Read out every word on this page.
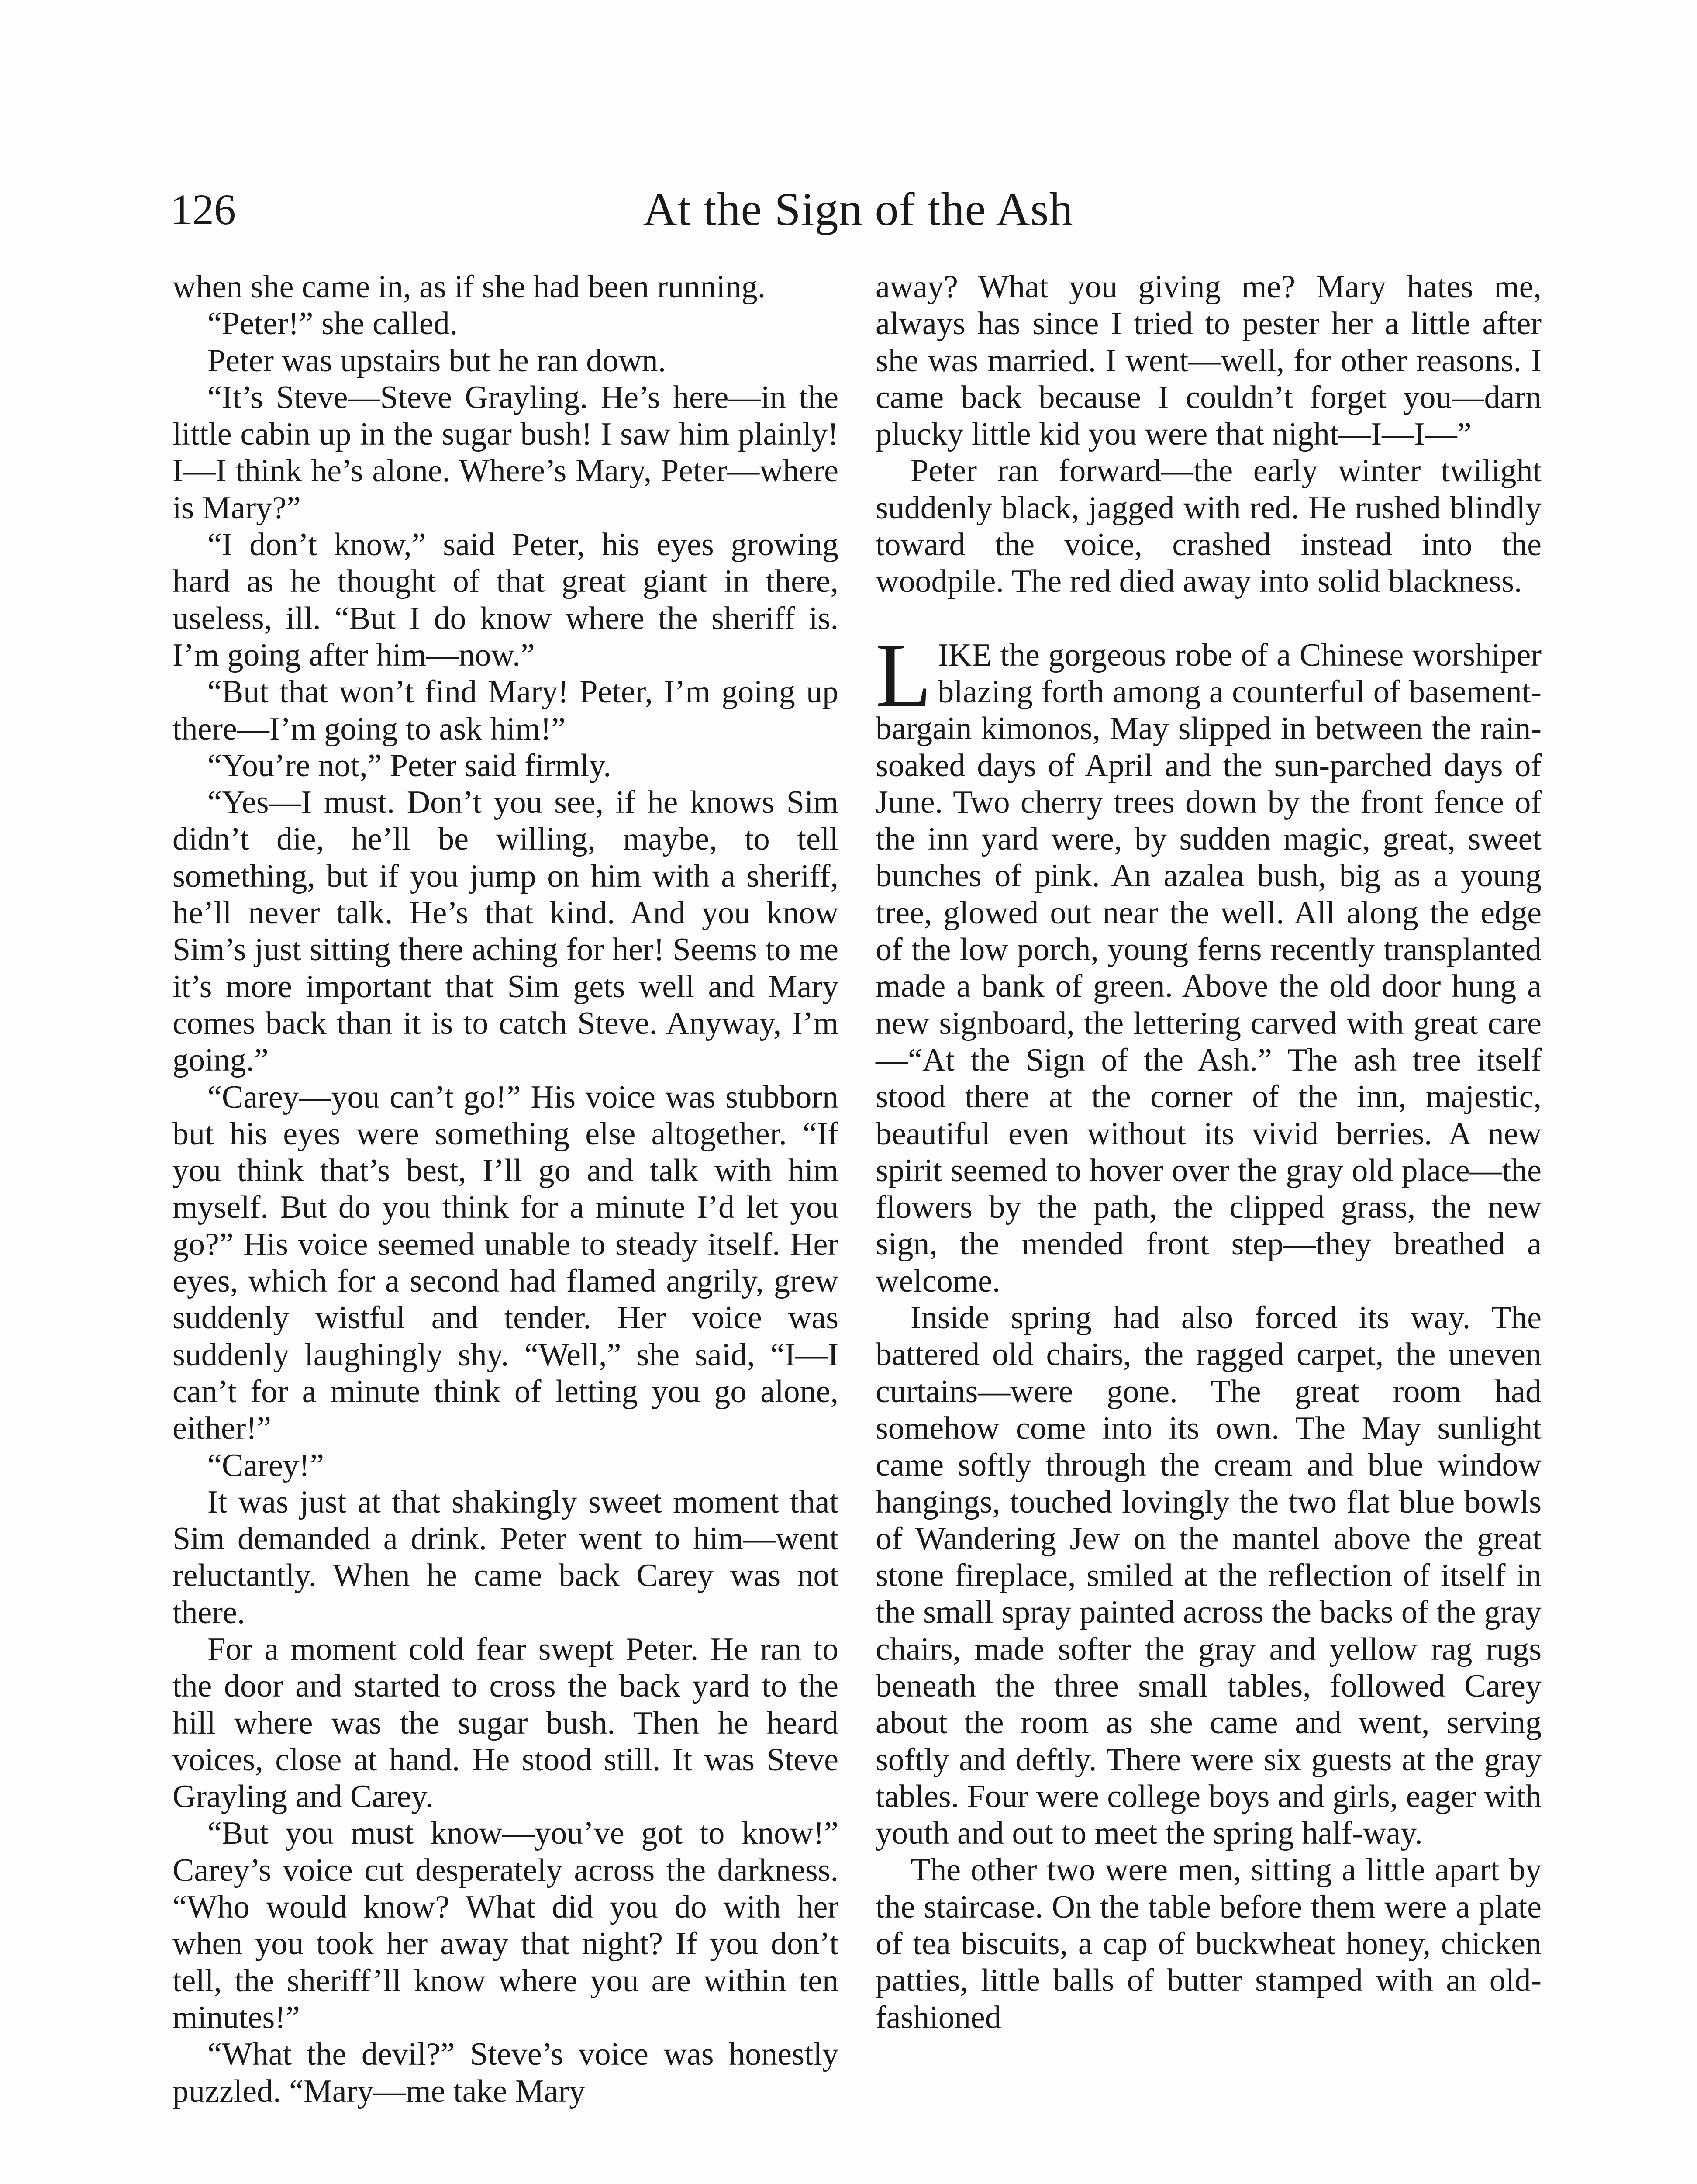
126	At the Sign of the Ash

when she came in, as if she had been running.

“Peter!” she called.

Peter was upstairs but he ran down.

“It’s Steve—Steve Grayling. He’s here—in the little cabin up in the sugar bush! I saw him plainly! I—I think he’s alone. Where’s Mary, Peter—where is Mary?”

“I don’t know,” said Peter, his eyes growing hard as he thought of that great giant in there, useless, ill. “But I do know where the sheriff is. I’m going after him—now.”

“But that won’t find Mary! Peter, I’m going up there—I’m going to ask him!”

“You’re not,” Peter said firmly.

“Yes—I must. Don’t you see, if he knows Sim didn’t die, he’ll be willing, maybe, to tell something, but if you jump on him with a sheriff, he’ll never talk. He’s that kind. And you know Sim’s just sitting there aching for her! Seems to me it’s more important that Sim gets well and Mary comes back than it is to catch Steve. Anyway, I’m going.”

“Carey—you can’t go!” His voice was stubborn but his eyes were something else altogether. “If you think that’s best, I’ll go and talk with him myself. But do you think for a minute I’d let you go?” His voice seemed unable to steady itself. Her eyes, which for a second had flamed angrily, grew suddenly wistful and tender. Her voice was suddenly laughingly shy. “Well,” she said, “I—I can’t for a minute think of letting you go alone, either!”

“Carey!”

It was just at that shakingly sweet moment that Sim demanded a drink. Peter went to him—went reluctantly. When he came back Carey was not there.

For a moment cold fear swept Peter. He ran to the door and started to cross the back yard to the hill where was the sugar bush. Then he heard voices, close at hand. He stood still. It was Steve Grayling and Carey.

“But you must know—you’ve got to know!” Carey’s voice cut desperately across the darkness. “Who would know? What did you do with her when you took her away that night? If you don’t tell, the sheriff’ll know where you are within ten minutes!”

“What the devil?” Steve’s voice was honestly puzzled. “Mary—me take Mary

away? What you giving me? Mary hates me, always has since I tried to pester her a little after she was married. I went—well, for other reasons. I came back because I couldn’t forget you—darn plucky little kid you were that night—I—I—”

Peter ran forward—the early winter twilight suddenly black, jagged with red. He rushed blindly toward the voice, crashed instead into the woodpile. The red died away into solid blackness.

LIKE the gorgeous robe of a Chinese worshiper blazing forth among a counterful of basement-bargain kimonos, May slipped in between the rain-soaked days of April and the sun-parched days of June. Two cherry trees down by the front fence of the inn yard were, by sudden magic, great, sweet bunches of pink. An azalea bush, big as a young tree, glowed out near the well. All along the edge of the low porch, young ferns recently transplanted made a bank of green. Above the old door hung a new signboard, the lettering carved with great care—“At the Sign of the Ash.” The ash tree itself stood there at the corner of the inn, majestic, beautiful even without its vivid berries. A new spirit seemed to hover over the gray old place—the flowers by the path, the clipped grass, the new sign, the mended front step—they breathed a welcome.

Inside spring had also forced its way. The battered old chairs, the ragged carpet, the uneven curtains—were gone. The great room had somehow come into its own. The May sunlight came softly through the cream and blue window hangings, touched lovingly the two flat blue bowls of Wandering Jew on the mantel above the great stone fireplace, smiled at the reflection of itself in the small spray painted across the backs of the gray chairs, made softer the gray and yellow rag rugs beneath the three small tables, followed Carey about the room as she came and went, serving softly and deftly. There were six guests at the gray tables. Four were college boys and girls, eager with youth and out to meet the spring half-way.

The other two were men, sitting a little apart by the staircase. On the table before them were a plate of tea biscuits, a cap of buckwheat honey, chicken patties, little balls of butter stamped with an old-fashioned
